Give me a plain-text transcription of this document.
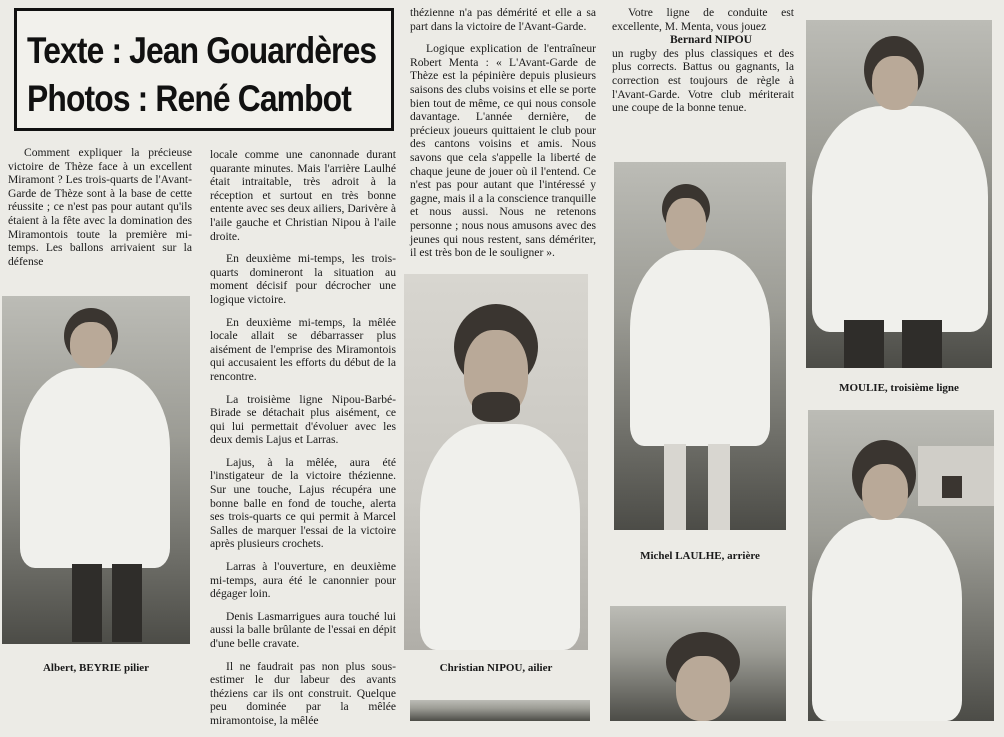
Texte : Jean Gouardères
Photos : René Cambot

Comment expliquer la précieuse victoire de Thèze face à un excellent Miramont ? Les trois-quarts de l'Avant-Garde de Thèze sont à la base de cette réussite ; ce n'est pas pour autant qu'ils étaient à la fête avec la domination des Miramontois toute la première mi-temps. Les ballons arrivaient sur la défense

Albert, BEYRIE pilier

locale comme une canonnade durant quarante minutes. Mais l'arrière Laulhé était intraitable, très adroit à la réception et surtout en très bonne entente avec ses deux ailiers, Darivère à l'aile gauche et Christian Nipou à l'aile droite.

En deuxième mi-temps, les trois-quarts domineront la situation au moment décisif pour décrocher une logique victoire.

En deuxième mi-temps, la mêlée locale allait se débarrasser plus aisément de l'emprise des Miramontois qui accusaient les efforts du début de la rencontre.

La troisième ligne Nipou-Barbé-Birade se détachait plus aisément, ce qui lui permettait d'évoluer avec les deux demis Lajus et Larras.

Lajus, à la mêlée, aura été l'instigateur de la victoire thézienne. Sur une touche, Lajus récupéra une bonne balle en fond de touche, alerta ses trois-quarts ce qui permit à Marcel Salles de marquer l'essai de la victoire après plusieurs crochets.

Larras à l'ouverture, en deuxième mi-temps, aura été le canonnier pour dégager loin.

Denis Lasmarrigues aura touché lui aussi la balle brûlante de l'essai en dépit d'une belle cravate.

Il ne faudrait pas non plus sous-estimer le dur labeur des avants théziens car ils ont construit. Quelque peu dominée par la mêlée miramontoise, la mêlée

thézienne n'a pas démérité et elle a sa part dans la victoire de l'Avant-Garde.

Logique explication de l'entraîneur Robert Menta : « L'Avant-Garde de Thèze est la pépinière depuis plusieurs saisons des clubs voisins et elle se porte bien tout de même, ce qui nous console davantage. L'année dernière, de précieux joueurs quittaient le club pour des cantons voisins et amis. Nous savons que cela s'appelle la liberté de chaque jeune de jouer où il l'entend. Ce n'est pas pour autant que l'intéressé y gagne, mais il a la conscience tranquille et nous aussi. Nous ne retenons personne ; nous nous amusons avec des jeunes qui nous restent, sans démériter, il est très bon de le souligner ».

Christian NIPOU, ailier

Votre ligne de conduite est excellente, M. Menta, vous jouez

Bernard NIPOU

un rugby des plus classiques et des plus corrects. Battus ou gagnants, la correction est toujours de règle à l'Avant-Garde. Votre club mériterait une coupe de la bonne tenue.

Michel LAULHE, arrière
MOULIE, troisième ligne
